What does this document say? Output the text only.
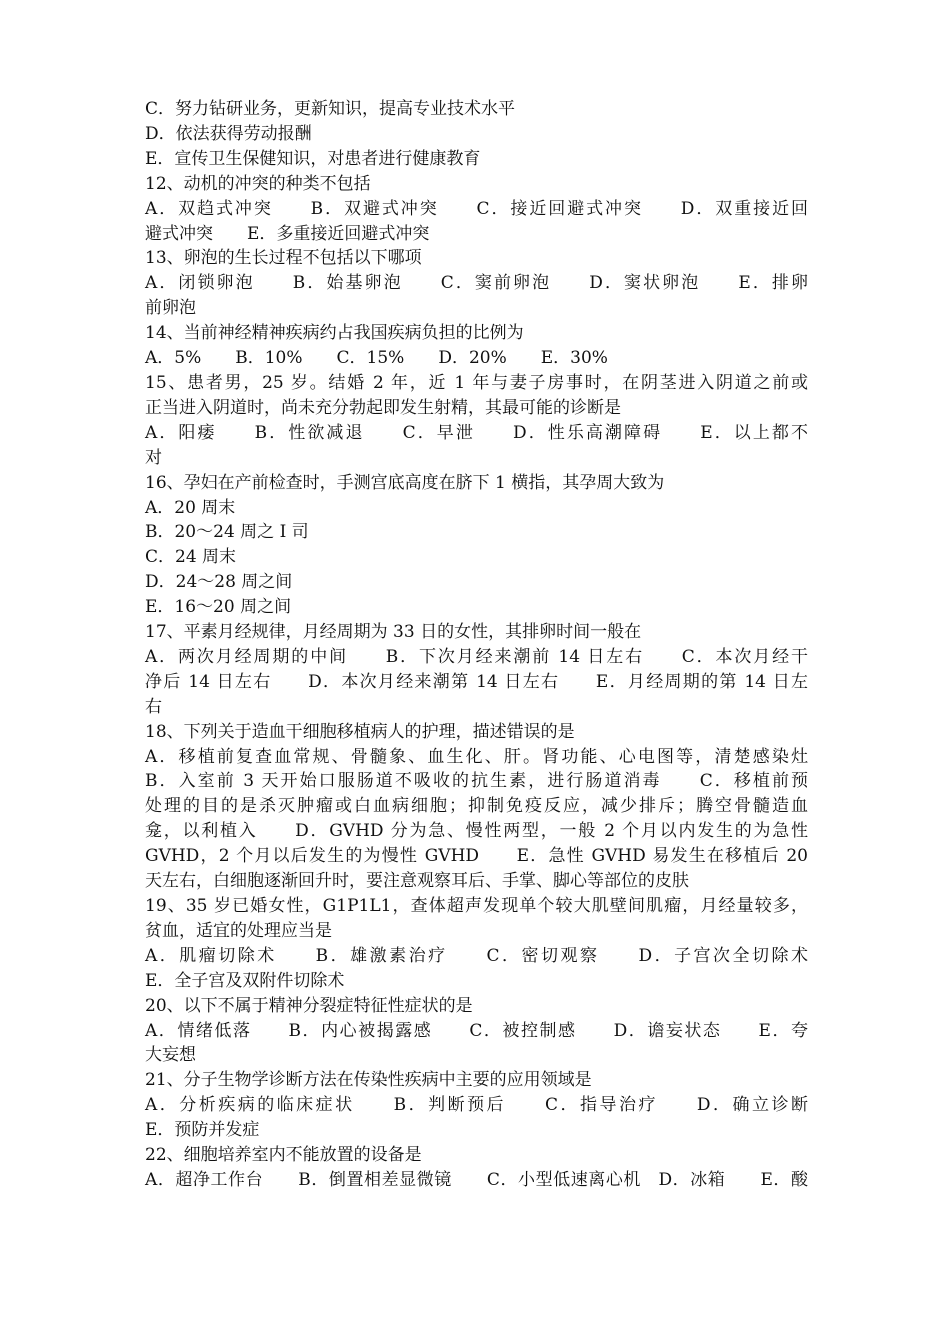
C．努力钻研业务，更新知识，提高专业技术水平
D．依法获得劳动报酬
E．宣传卫生保健知识，对患者进行健康教育
12、动机的冲突的种类不包括
A．双趋式冲突　　B．双避式冲突　　C．接近回避式冲突　　D．双重接近回
避式冲突　　E．多重接近回避式冲突
13、卵泡的生长过程不包括以下哪项
A．闭锁卵泡　　B．始基卵泡　　C．窦前卵泡　　D．窦状卵泡　　E．排卵
前卵泡
14、当前神经精神疾病约占我国疾病负担的比例为
A．5%　　B．10%　　C．15%　　D．20%　　E．30%
15、患者男，25 岁。结婚 2 年，近 1 年与妻子房事时，在阴茎进入阴道之前或
正当进入阴道时，尚未充分勃起即发生射精，其最可能的诊断是
A．阳痿　　B．性欲减退　　C．早泄　　D．性乐高潮障碍　　E．以上都不
对
16、孕妇在产前检查时，手测宫底高度在脐下 1 横指，其孕周大致为
A．20 周末
B．20～24 周之 I 司
C．24 周末
D．24～28 周之间
E．16～20 周之间
17、平素月经规律，月经周期为 33 日的女性，其排卵时间一般在
A．两次月经周期的中间　　B．下次月经来潮前 14 日左右　　C．本次月经干
净后 14 日左右　　D．本次月经来潮第 14 日左右　　E．月经周期的第 14 日左
右
18、下列关于造血干细胞移植病人的护理，描述错误的是
A．移植前复查血常规、骨髓象、血生化、肝。肾功能、心电图等，清楚感染灶
B．入室前 3 天开始口服肠道不吸收的抗生素，进行肠道消毒　　C．移植前预
处理的目的是杀灭肿瘤或白血病细胞；抑制免疫反应，减少排斥；腾空骨髓造血
龛，以利植入　　D．GVHD 分为急、慢性两型，一般 2 个月以内发生的为急性
GVHD，2 个月以后发生的为慢性 GVHD　　E．急性 GVHD 易发生在移植后 20
天左右，白细胞逐渐回升时，要注意观察耳后、手掌、脚心等部位的皮肤
19、35 岁已婚女性，G1P1L1，查体超声发现单个较大肌壁间肌瘤，月经量较多，
贫血，适宜的处理应当是
A．肌瘤切除术　　B．雄激素治疗　　C．密切观察　　D．子宫次全切除术
E．全子宫及双附件切除术
20、以下不属于精神分裂症特征性症状的是
A．情绪低落　　B．内心被揭露感　　C．被控制感　　D．谵妄状态　　E．夸
大妄想
21、分子生物学诊断方法在传染性疾病中主要的应用领域是
A．分析疾病的临床症状　　B．判断预后　　C．指导治疗　　D．确立诊断
E．预防并发症
22、细胞培养室内不能放置的设备是
A．超净工作台　　B．倒置相差显微镜　　C．小型低速离心机　D．冰箱　　E．酸
